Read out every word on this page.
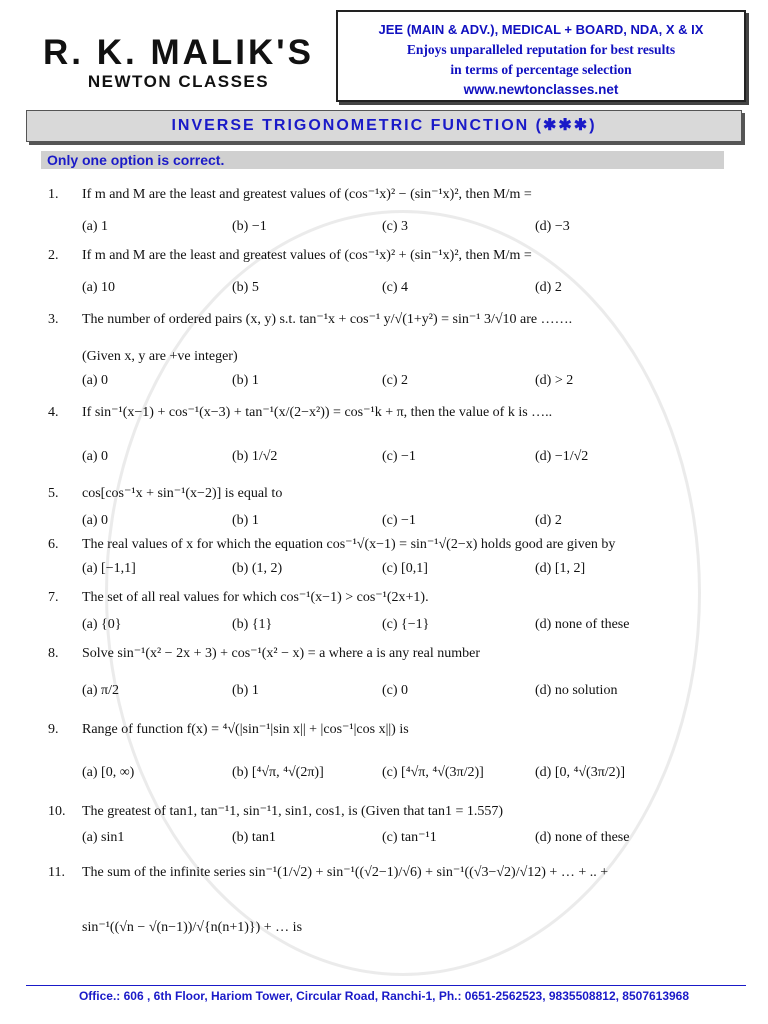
R. K. MALIK'S
NEWTON CLASSES
JEE (MAIN & ADV.), MEDICAL + BOARD, NDA, X & IX
Enjoys unparalleled reputation for best results
in terms of percentage selection
www.newtonclasses.net
INVERSE TRIGONOMETRIC FUNCTION (✱✱✱)
Only one option is correct.
1. If m and M are the least and greatest values of (cos⁻¹x)² − (sin⁻¹x)², then M/m =
(a) 1	(b) −1	(c) 3	(d) −3
2. If m and M are the least and greatest values of (cos⁻¹x)² + (sin⁻¹x)², then M/m =
(a) 10	(b) 5	(c) 4	(d) 2
3. The number of ordered pairs (x, y) s.t. tan⁻¹x + cos⁻¹ y/√(1+y²) = sin⁻¹ 3/√10 are …….
(Given x, y are +ve integer)
(a) 0	(b) 1	(c) 2	(d) > 2
4. If sin⁻¹(x−1) + cos⁻¹(x−3) + tan⁻¹(x/(2−x²)) = cos⁻¹k + π, then the value of k is …..
(a) 0	(b) 1/√2	(c) −1	(d) −1/√2
5. cos[cos⁻¹x + sin⁻¹(x−2)] is equal to
(a) 0	(b) 1	(c) −1	(d) 2
6. The real values of x for which the equation cos⁻¹√(x−1) = sin⁻¹√(2−x) holds good are given by
(a) [−1,1]	(b) (1, 2)	(c) [0,1]	(d) [1, 2]
7. The set of all real values for which cos⁻¹(x−1) > cos⁻¹(2x+1).
(a) {0}	(b) {1}	(c) {−1}	(d) none of these
8. Solve sin⁻¹(x² − 2x + 3) + cos⁻¹(x² − x) = a where a is any real number
(a) π/2	(b) 1	(c) 0	(d) no solution
9. Range of function f(x) = ⁴√(|sin⁻¹|sin x|| + |cos⁻¹|cos x||) is
(a) [0, ∞)	(b) [⁴√π, ⁴√(2π)]	(c) [⁴√π, ⁴√(3π/2)]	(d) [0, ⁴√(3π/2)]
10. The greatest of tan1, tan⁻¹1, sin⁻¹1, sin1, cos1, is (Given that tan1 = 1.557)
(a) sin1	(b) tan1	(c) tan⁻¹1	(d) none of these
11. The sum of the infinite series sin⁻¹(1/√2) + sin⁻¹((√2−1)/√6) + sin⁻¹((√3−√2)/√12) + … + .. +
sin⁻¹((√n − √(n−1))/√{n(n+1)}) + … is
Office.: 606 , 6th Floor, Hariom Tower, Circular Road, Ranchi-1, Ph.: 0651-2562523, 9835508812, 8507613968
